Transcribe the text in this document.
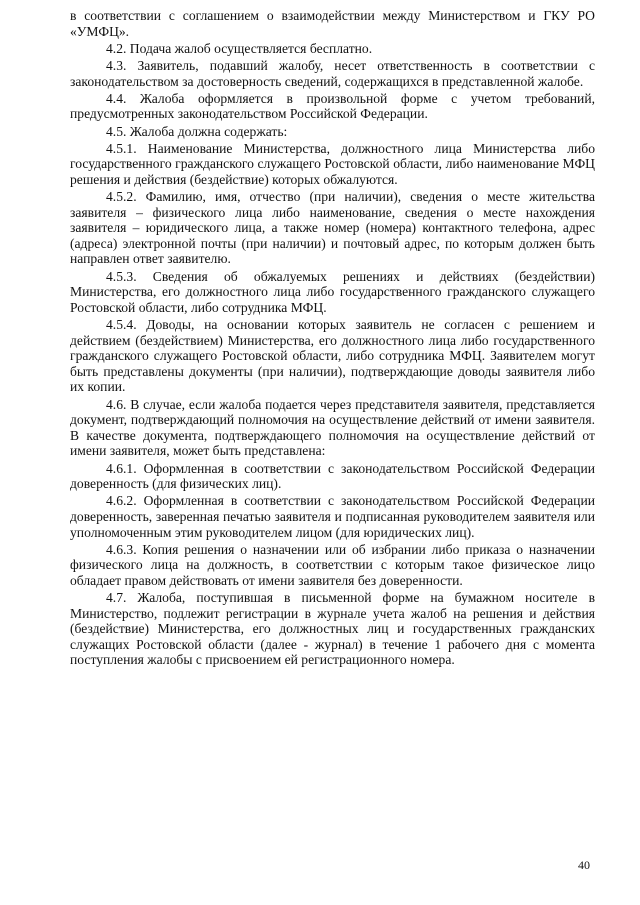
в соответствии с соглашением о взаимодействии между Министерством и ГКУ РО «УМФЦ».

4.2. Подача жалоб осуществляется бесплатно.

4.3. Заявитель, подавший жалобу, несет ответственность в соответствии с законодательством за достоверность сведений, содержащихся в представленной жалобе.

4.4. Жалоба оформляется в произвольной форме с учетом требований, предусмотренных законодательством Российской Федерации.

4.5. Жалоба должна содержать:

4.5.1. Наименование Министерства, должностного лица Министерства либо государственного гражданского служащего Ростовской области, либо наименование МФЦ решения и действия (бездействие) которых обжалуются.

4.5.2. Фамилию, имя, отчество (при наличии), сведения о месте жительства заявителя – физического лица либо наименование, сведения о месте нахождения заявителя – юридического лица, а также номер (номера) контактного телефона, адрес (адреса) электронной почты (при наличии) и почтовый адрес, по которым должен быть направлен ответ заявителю.

4.5.3. Сведения об обжалуемых решениях и действиях (бездействии) Министерства, его должностного лица либо государственного гражданского служащего Ростовской области, либо сотрудника МФЦ.

4.5.4. Доводы, на основании которых заявитель не согласен с решением и действием (бездействием) Министерства, его должностного лица либо государственного гражданского служащего Ростовской области, либо сотрудника МФЦ. Заявителем могут быть представлены документы (при наличии), подтверждающие доводы заявителя либо их копии.

4.6. В случае, если жалоба подается через представителя заявителя, представляется документ, подтверждающий полномочия на осуществление действий от имени заявителя. В качестве документа, подтверждающего полномочия на осуществление действий от имени заявителя, может быть представлена:

4.6.1. Оформленная в соответствии с законодательством Российской Федерации доверенность (для физических лиц).

4.6.2. Оформленная в соответствии с законодательством Российской Федерации доверенность, заверенная печатью заявителя и подписанная руководителем заявителя или уполномоченным этим руководителем лицом (для юридических лиц).

4.6.3. Копия решения о назначении или об избрании либо приказа о назначении физического лица на должность, в соответствии с которым такое физическое лицо обладает правом действовать от имени заявителя без доверенности.

4.7. Жалоба, поступившая в письменной форме на бумажном носителе в Министерство, подлежит регистрации в журнале учета жалоб на решения и действия (бездействие) Министерства, его должностных лиц и государственных гражданских служащих Ростовской области (далее - журнал) в течение 1 рабочего дня с момента поступления жалобы с присвоением ей регистрационного номера.

40
